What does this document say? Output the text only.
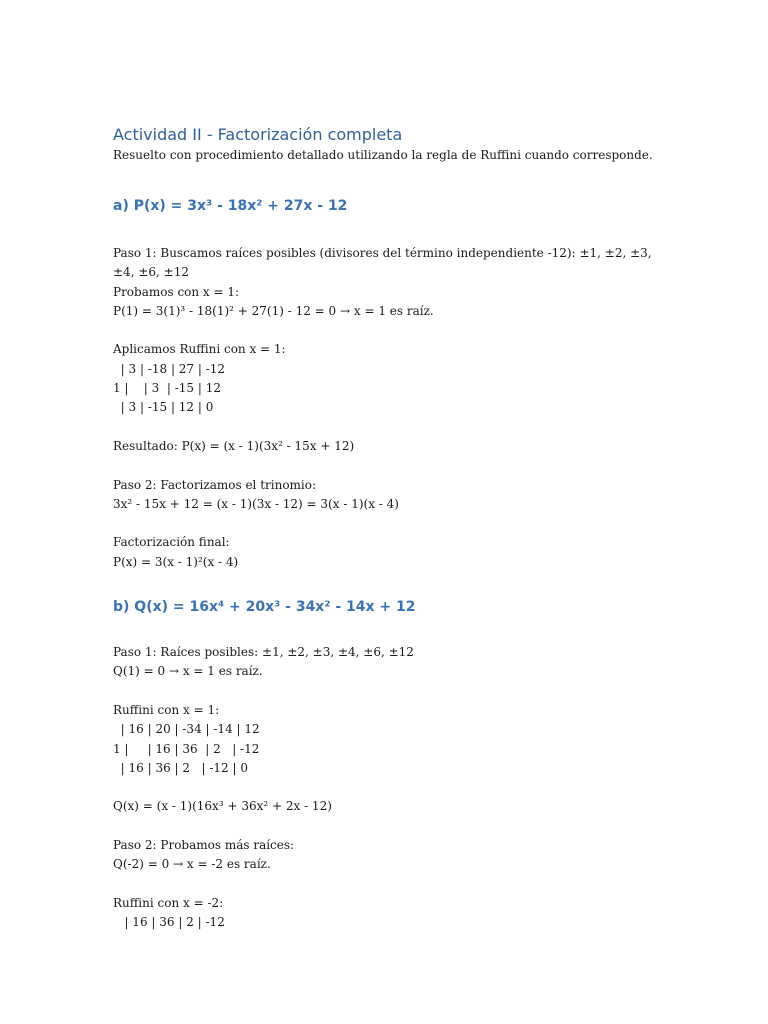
Actividad II - Factorización completa

Resuelto con procedimiento detallado utilizando la regla de Ruffini cuando corresponde.

a) P(x) = 3x³ - 18x² + 27x - 12

Paso 1: Buscamos raíces posibles (divisores del término independiente -12): ±1, ±2, ±3, ±4, ±6, ±12

Probamos con x = 1:

P(1) = 3(1)³ - 18(1)² + 27(1) - 12 = 0 → x = 1 es raíz.

Aplicamos Ruffini con x = 1:

| 3 | -18 | 27 | -12

1 |    | 3  | -15 | 12

| 3 | -15 | 12 | 0

Resultado: P(x) = (x - 1)(3x² - 15x + 12)

Paso 2: Factorizamos el trinomio:

3x² - 15x + 12 = (x - 1)(3x - 12) = 3(x - 1)(x - 4)

Factorización final:

P(x) = 3(x - 1)²(x - 4)

b) Q(x) = 16x⁴ + 20x³ - 34x² - 14x + 12

Paso 1: Raíces posibles: ±1, ±2, ±3, ±4, ±6, ±12

Q(1) = 0 → x = 1 es raíz.

Ruffini con x = 1:

| 16 | 20 | -34 | -14 | 12

1 |     | 16 | 36  | 2   | -12

| 16 | 36 | 2   | -12 | 0

Q(x) = (x - 1)(16x³ + 36x² + 2x - 12)

Paso 2: Probamos más raíces:

Q(-2) = 0 → x = -2 es raíz.

Ruffini con x = -2:

| 16 | 36 | 2 | -12
